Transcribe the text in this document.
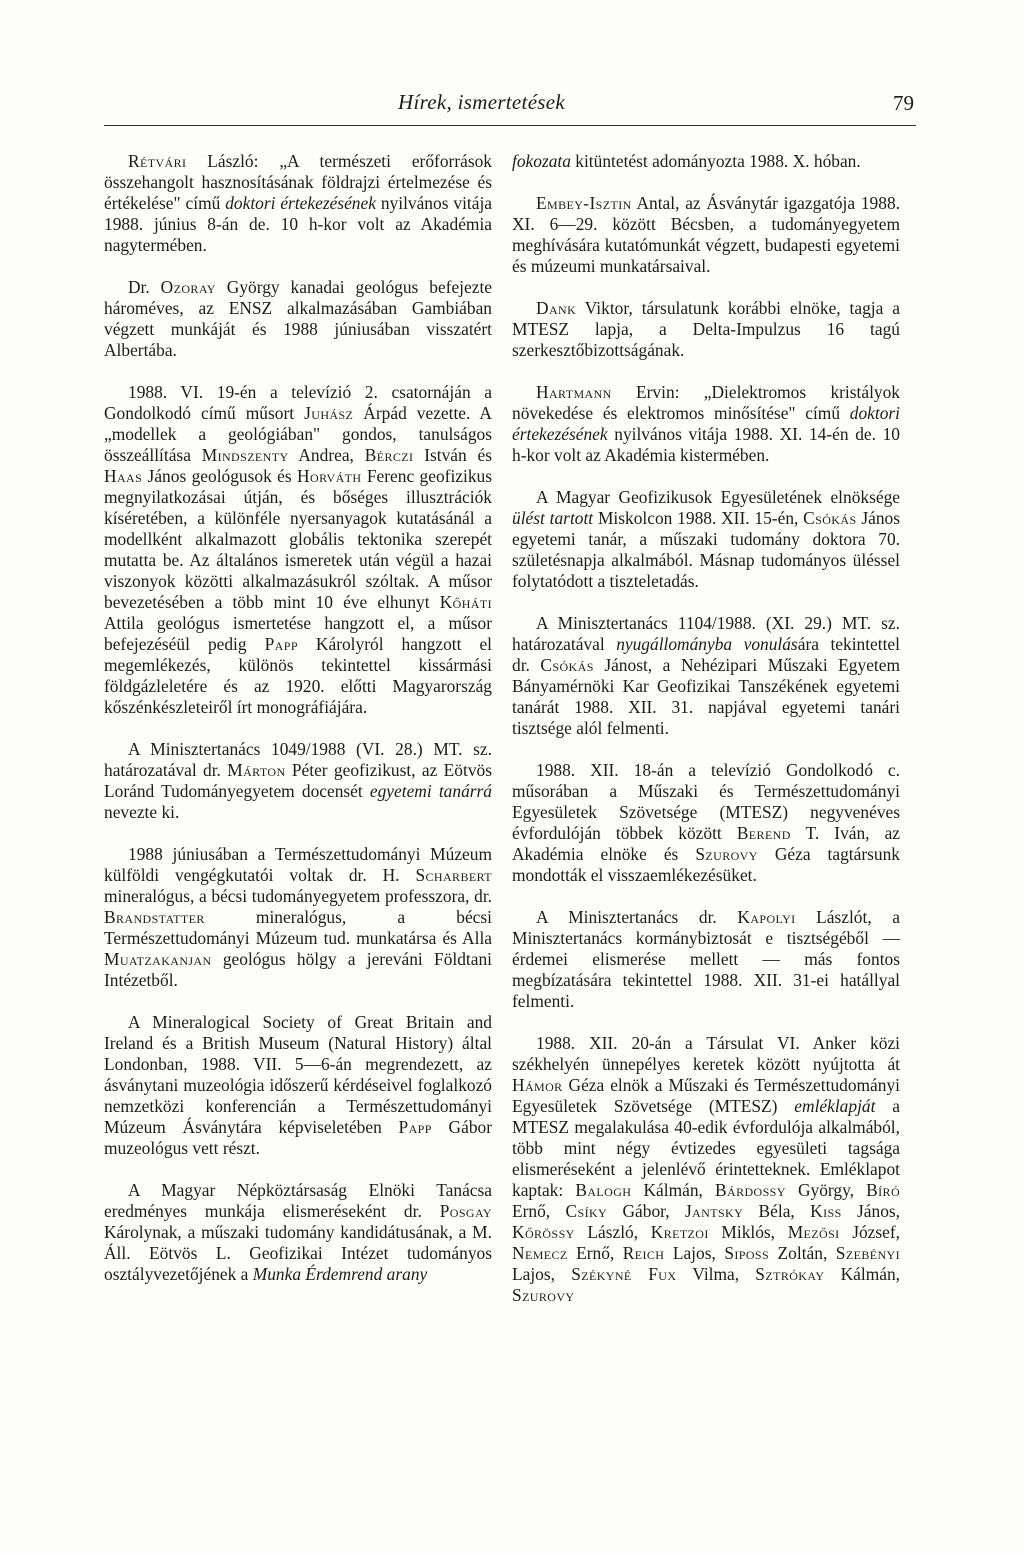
Hírek, ismertetések	79

Rétvári László: „A természeti erőforrások összehangolt hasznosításának földrajzi értelmezése és értékelése" című doktori értekezésének nyilvános vitája 1988. június 8-án de. 10 h-kor volt az Akadémia nagytermében.

Dr. Ozoray György kanadai geológus befejezte hároméves, az ENSZ alkalmazásában Gambiában végzett munkáját és 1988 júniusában visszatért Albertába.

1988. VI. 19-én a televízió 2. csatornáján a Gondolkodó című műsort Juhász Árpád vezette. A „modellek a geológiában" gondos, tanulságos összeállítása Mindszenty Andrea, Bérczi István és Haas János geológusok és Horváth Ferenc geofizikus megnyilatkozásai útján, és bőséges illusztrációk kíséretében, a különféle nyersanyagok kutatásánál a modellként alkalmazott globális tektonika szerepét mutatta be. Az általános ismeretek után végül a hazai viszonyok közötti alkalmazásukról szóltak. A műsor bevezetésében a több mint 10 éve elhunyt Kőháti Attila geológus ismertetése hangzott el, a műsor befejezéséül pedig Papp Károlyról hangzott el megemlékezés, különös tekintettel kissármási földgázleletére és az 1920. előtti Magyarország kőszénkészleteiről írt monográfiájára.

A Minisztertanács 1049/1988 (VI. 28.) MT. sz. határozatával dr. Márton Péter geofizikust, az Eötvös Loránd Tudományegyetem docensét egyetemi tanárrá nevezte ki.

1988 júniusában a Természettudományi Múzeum külföldi vengégkutatói voltak dr. H. Scharbert mineralógus, a bécsi tudományegyetem professzora, dr. Brandstatter mineralógus, a bécsi Természettudományi Múzeum tud. munkatársa és Alla Muatzakanjan geológus hölgy a jereváni Földtani Intézetből.

A Mineralogical Society of Great Britain and Ireland és a British Museum (Natural History) által Londonban, 1988. VII. 5—6-án megrendezett, az ásványtani muzeológia időszerű kérdéseivel foglalkozó nemzetközi konferencián a Természettudományi Múzeum Ásványtára képviseletében Papp Gábor muzeológus vett részt.

A Magyar Népköztársaság Elnöki Tanácsa eredményes munkája elismeréseként dr. Posgay Károlynak, a műszaki tudomány kandidátusának, a M. Áll. Eötvös L. Geofizikai Intézet tudományos osztályvezetőjének a Munka Érdemrend arany

fokozata kitüntetést adományozta 1988. X. hóban.

Embey-Isztin Antal, az Ásványtár igazgatója 1988. XI. 6—29. között Bécsben, a tudományegyetem meghívására kutatómunkát végzett, budapesti egyetemi és múzeumi munkatársaival.

Dank Viktor, társulatunk korábbi elnöke, tagja a MTESZ lapja, a Delta-Impulzus 16 tagú szerkesztőbizottságának.

Hartmann Ervin: „Dielektromos kristályok növekedése és elektromos minősítése" című doktori értekezésének nyilvános vitája 1988. XI. 14-én de. 10 h-kor volt az Akadémia kistermében.

A Magyar Geofizikusok Egyesületének elnöksége ülést tartott Miskolcon 1988. XII. 15-én, Csókás János egyetemi tanár, a műszaki tudomány doktora 70. születésnapja alkalmából. Másnap tudományos üléssel folytatódott a tiszteletadás.

A Minisztertanács 1104/1988. (XI. 29.) MT. sz. határozatával nyugállományba vonulására tekintettel dr. Csókás Jánost, a Nehézipari Műszaki Egyetem Bányamérnöki Kar Geofizikai Tanszékének egyetemi tanárát 1988. XII. 31. napjával egyetemi tanári tisztsége alól felmenti.

1988. XII. 18-án a televízió Gondolkodó c. műsorában a Műszaki és Természettudományi Egyesületek Szövetsége (MTESZ) negyvenéves évfordulóján többek között Berend T. Iván, az Akadémia elnöke és Szurovy Géza tagtársunk mondották el visszaemlékezésüket.

A Minisztertanács dr. Kapolyi Lászlót, a Minisztertanács kormánybiztosát e tisztségéből — érdemei elismerése mellett — más fontos megbízatására tekintettel 1988. XII. 31-ei hatállyal felmenti.

1988. XII. 20-án a Társulat VI. Anker közi székhelyén ünnepélyes keretek között nyújtotta át Hámor Géza elnök a Műszaki és Természettudományi Egyesületek Szövetsége (MTESZ) emléklapját a MTESZ megalakulása 40-edik évfordulója alkalmából, több mint négy évtizedes egyesületi tagsága elismeréseként a jelenlévő érintetteknek. Emléklapot kaptak: Balogh Kálmán, Bárdossy György, Bíró Ernő, Csíky Gábor, Jantsky Béla, Kiss János, Kőrössy László, Kretzoi Miklós, Mezősi József, Nemecz Ernő, Reich Lajos, Siposs Zoltán, Szebényi Lajos, Székyné Fux Vilma, Sztrókay Kálmán, Szurovy
